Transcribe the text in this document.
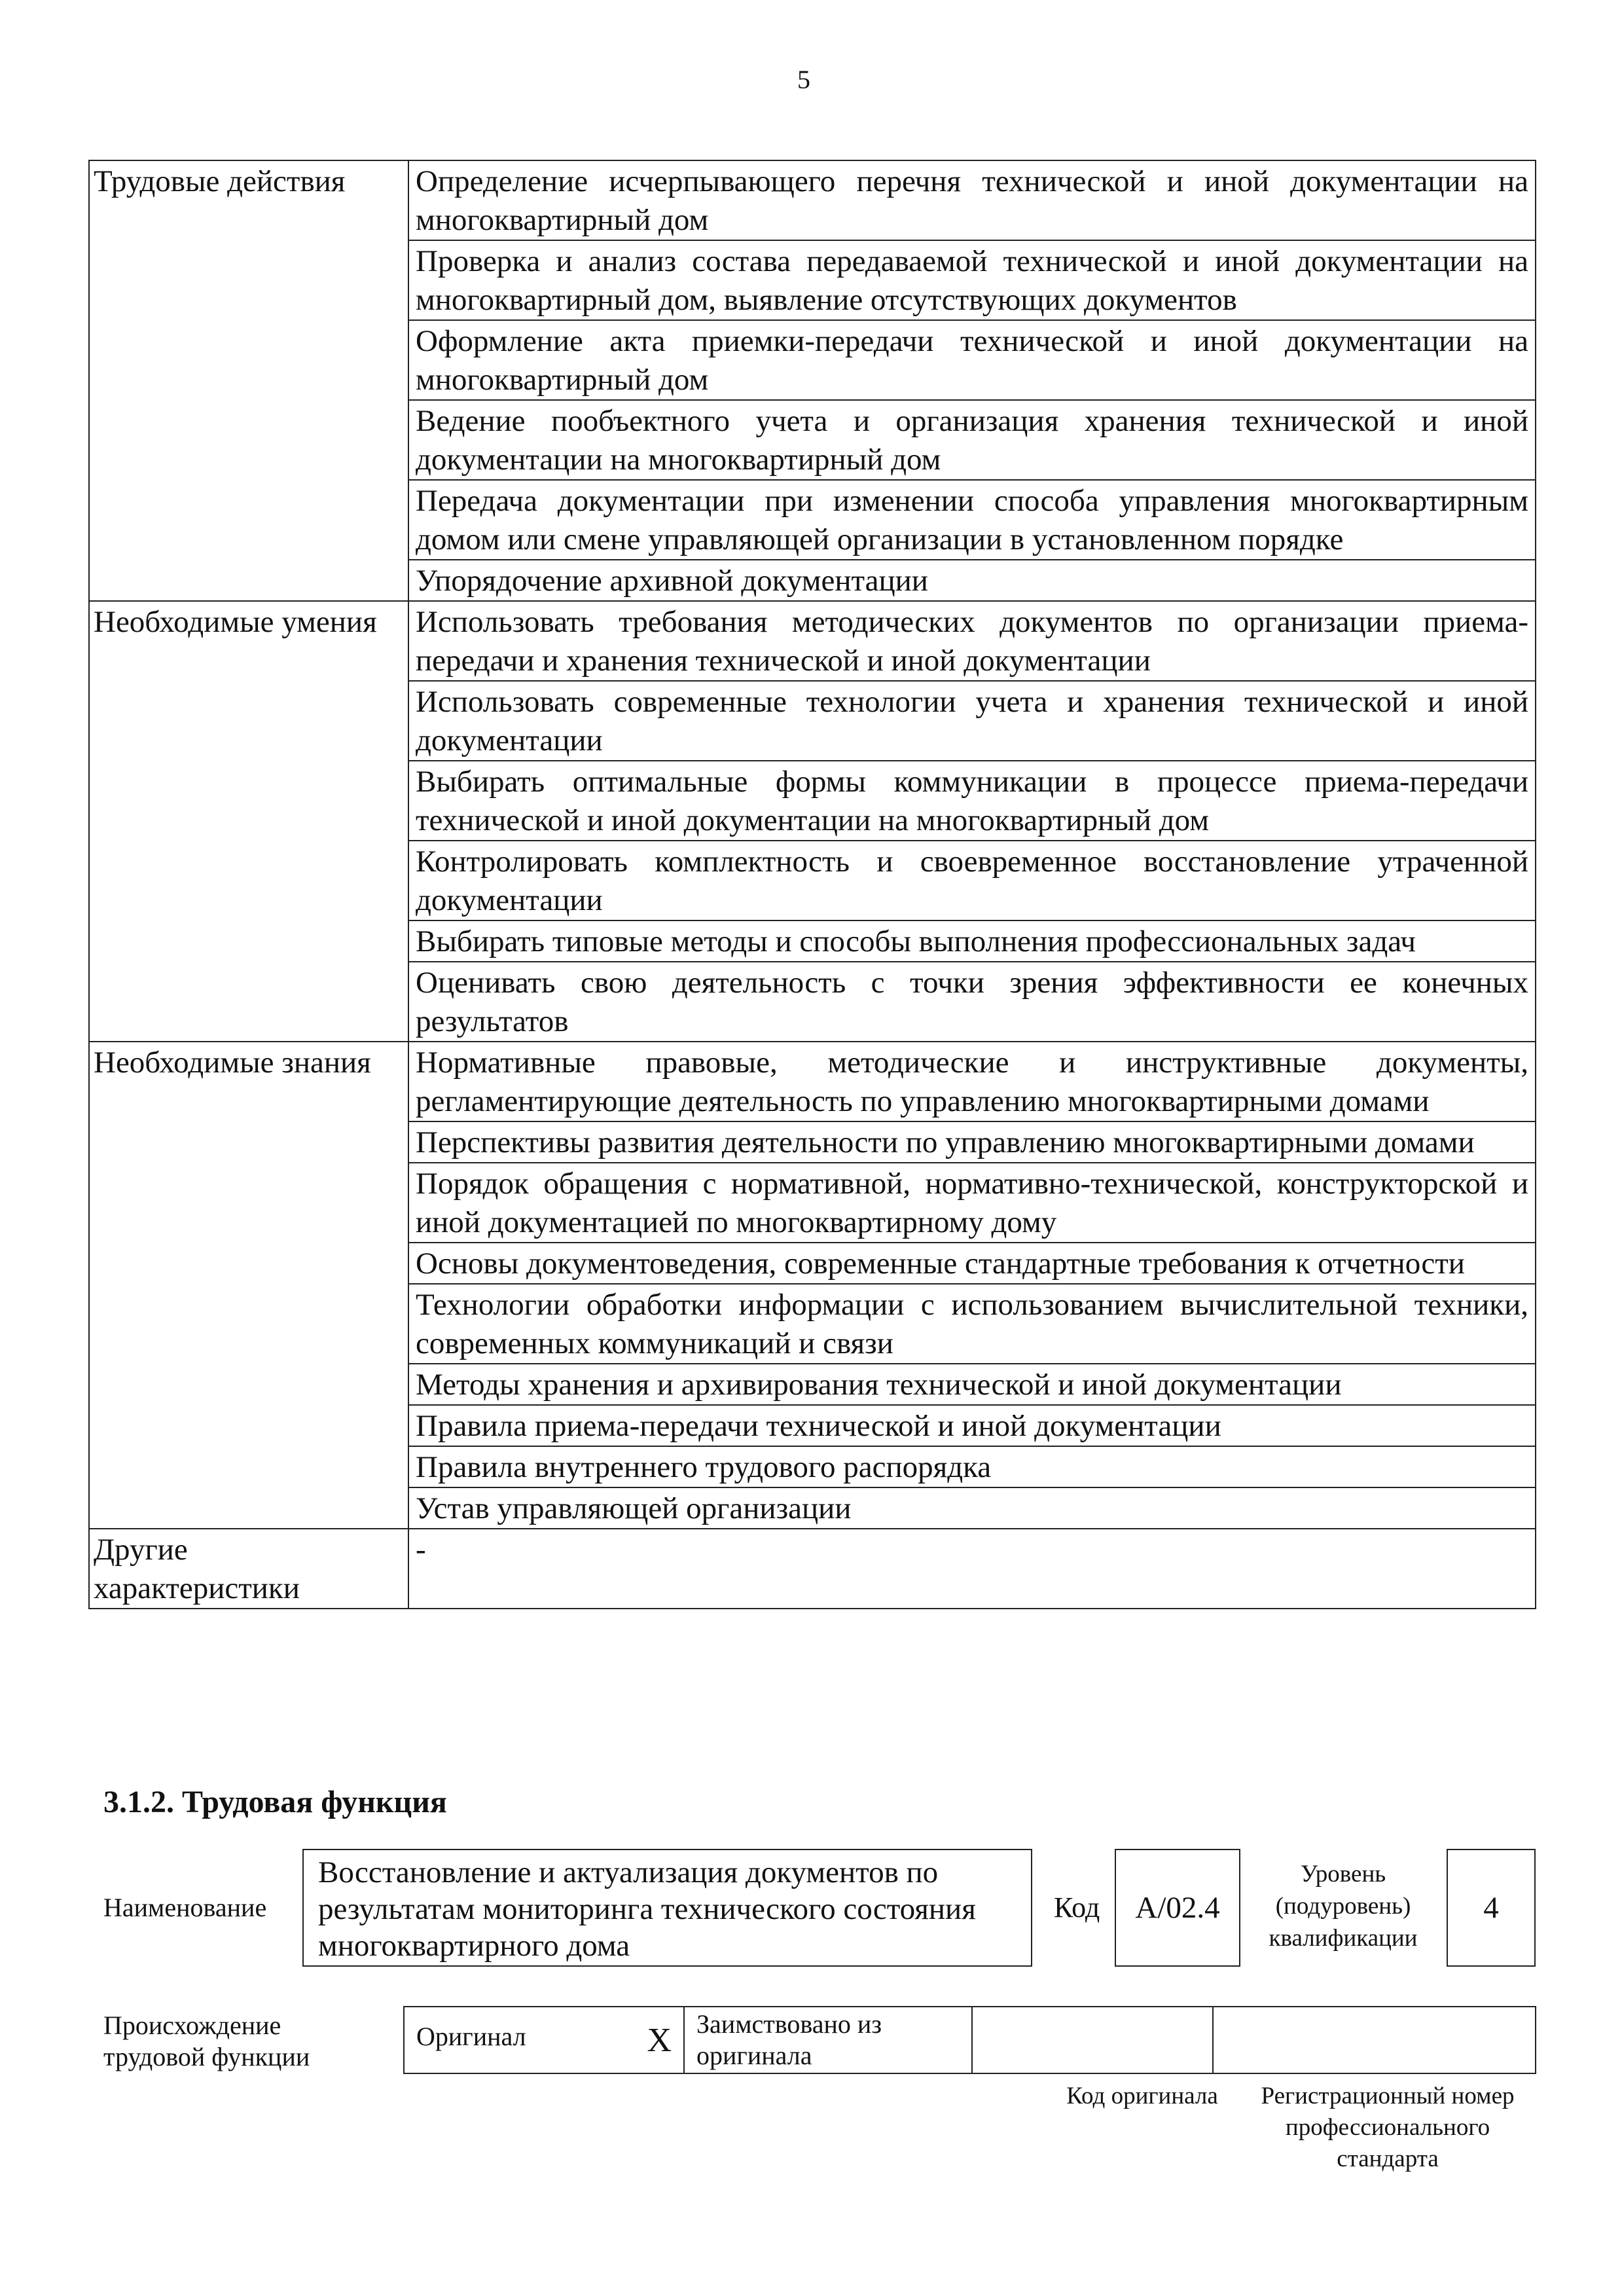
5
Трудовые действия	Определение исчерпывающего перечня технической и иной документации на многоквартирный дом
	Проверка и анализ состава передаваемой технической и иной документации на многоквартирный дом, выявление отсутствующих документов
	Оформление акта приемки-передачи технической и иной документации на многоквартирный дом
	Ведение пообъектного учета и организация хранения технической и иной документации на многоквартирный дом
	Передача документации при изменении способа управления многоквартирным домом или смене управляющей организации в установленном порядке
	Упорядочение архивной документации
Необходимые умения	Использовать требования методических документов по организации приема-передачи и хранения технической и иной документации
	Использовать современные технологии учета и хранения технической и иной документации
	Выбирать оптимальные формы коммуникации в процессе приема-передачи технической и иной документации на многоквартирный дом
	Контролировать комплектность и своевременное восстановление утраченной документации
	Выбирать типовые методы и способы выполнения профессиональных задач
	Оценивать свою деятельность с точки зрения эффективности ее конечных результатов
Необходимые знания	Нормативные правовые, методические и инструктивные документы, регламентирующие деятельность по управлению многоквартирными домами
	Перспективы развития деятельности по управлению многоквартирными домами
	Порядок обращения с нормативной, нормативно-технической, конструкторской и иной документацией по многоквартирному дому
	Основы документоведения, современные стандартные требования к отчетности
	Технологии обработки информации с использованием вычислительной техники, современных коммуникаций и связи
	Методы хранения и архивирования технической и иной документации
	Правила приема-передачи технической и иной документации
	Правила внутреннего трудового распорядка
	Устав управляющей организации
Другие характеристики	-
3.1.2. Трудовая функция
Наименование
Восстановление и актуализация документов по результатам мониторинга технического состояния многоквартирного дома
Код	A/02.4
Уровень (подуровень) квалификации
4
Происхождение трудовой функции
Оригинал	X	Заимствовано из оригинала		
Код оригинала	Регистрационный номер профессионального стандарта
